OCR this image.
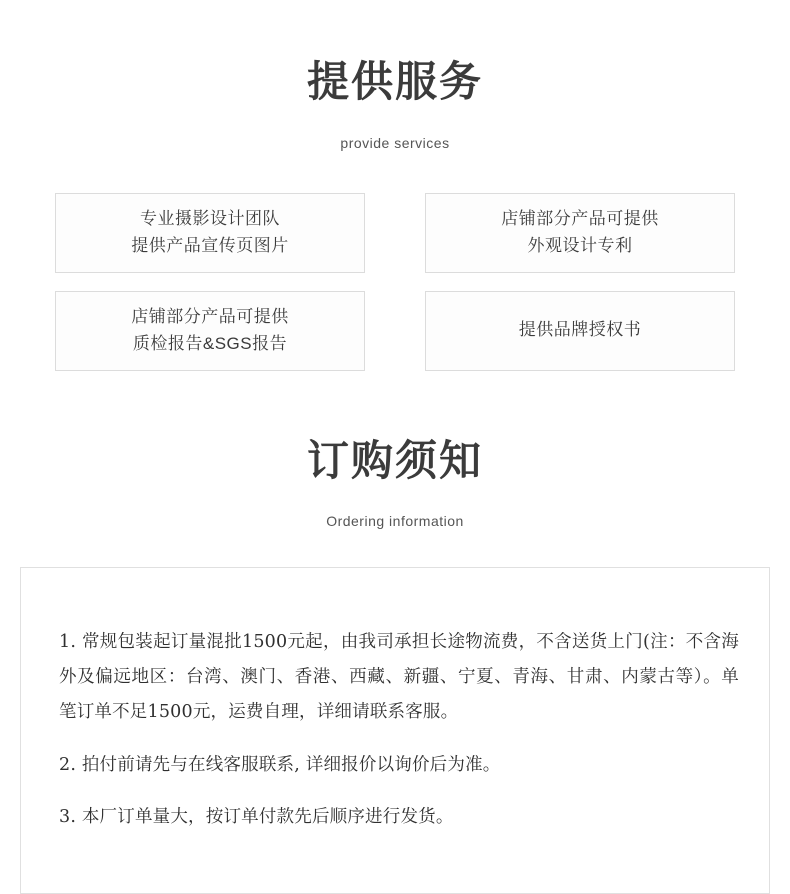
提供服务
provide services
专业摄影设计团队
提供产品宣传页图片
店铺部分产品可提供
外观设计专利
店铺部分产品可提供
质检报告&SGS报告
提供品牌授权书
订购须知
Ordering information

1. 常规包装起订量混批1500元起，由我司承担长途物流费，不含送货上门(注：不含海外及偏远地区：台湾、澳门、香港、西藏、新疆、宁夏、青海、甘肃、内蒙古等）。单笔订单不足1500元，运费自理，详细请联系客服。

2. 拍付前请先与在线客服联系, 详细报价以询价后为准。

3. 本厂订单量大，按订单付款先后顺序进行发货。
